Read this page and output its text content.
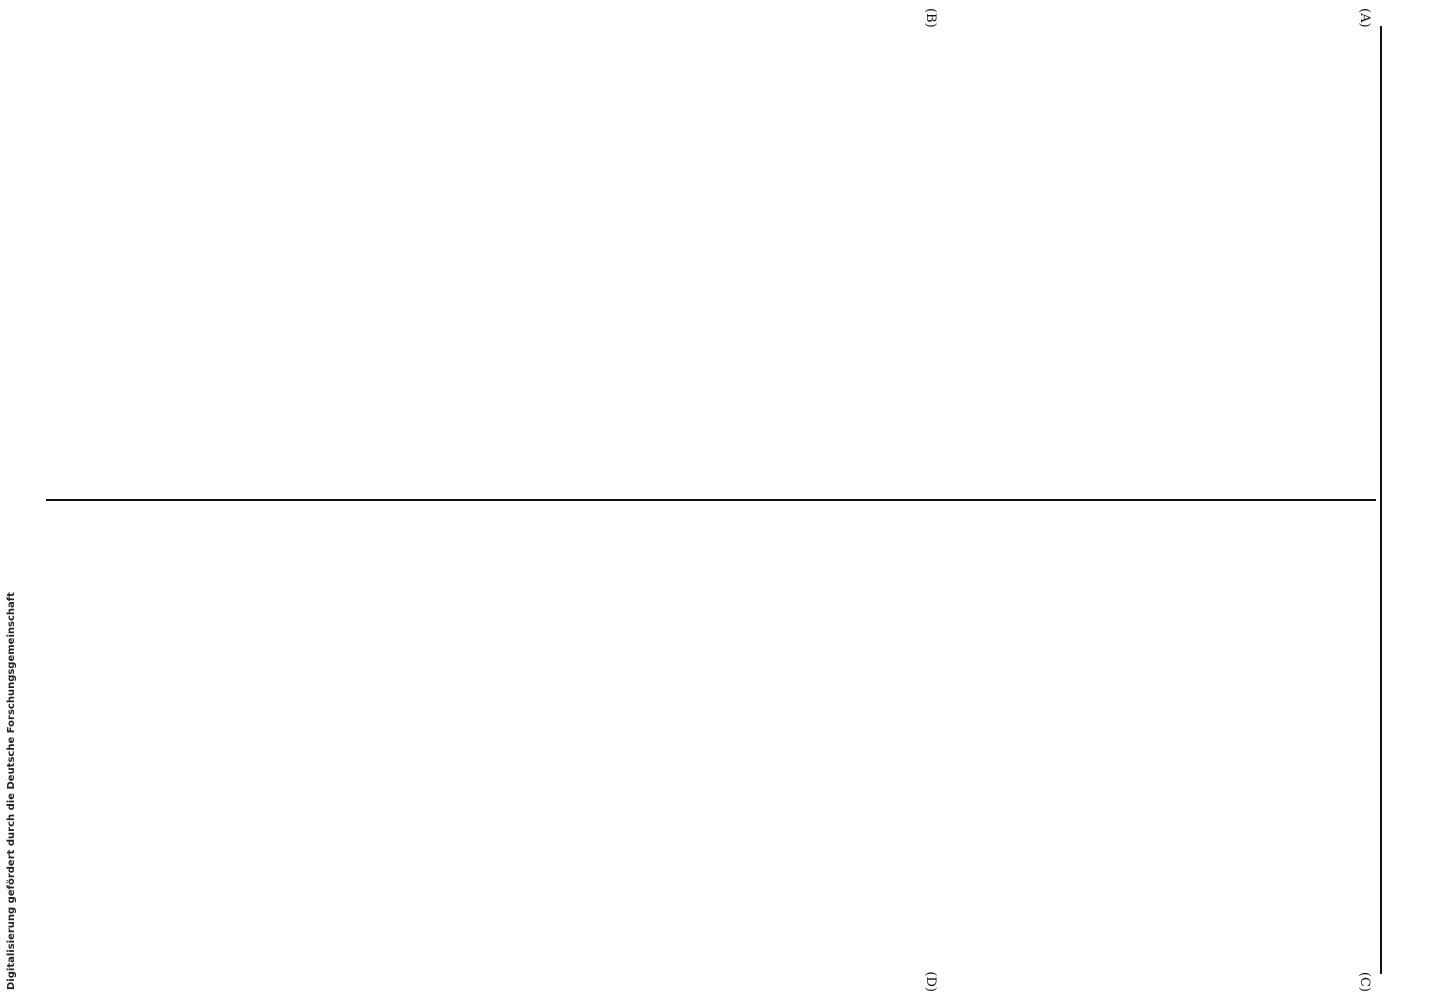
Digitalisierung gefördert durch die Deutsche Forschungsgemeinschaft
(A)
(B)
(C)
(D)
